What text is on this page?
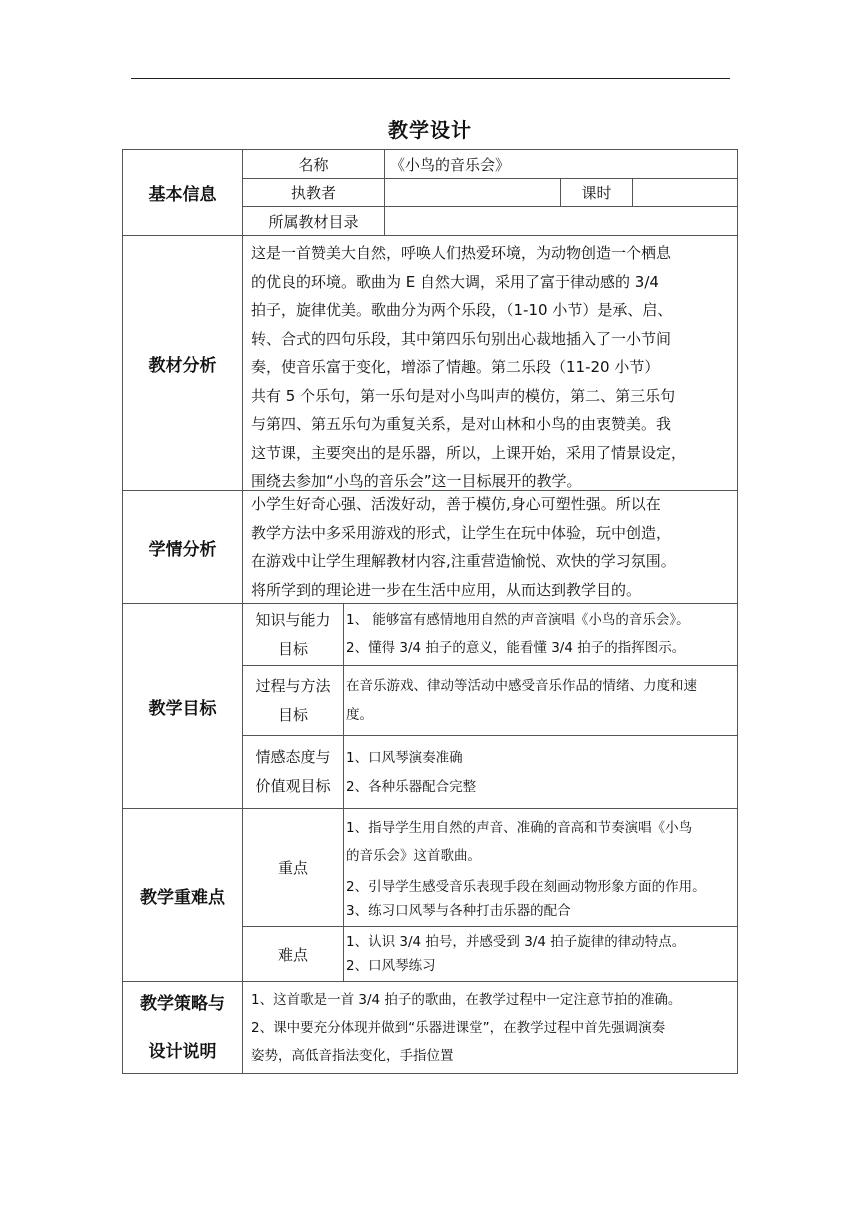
教学设计
基本信息
名称	《小鸟的音乐会》
执教者	课时
所属教材目录
教材分析
这是一首赞美大自然，呼唤人们热爱环境，为动物创造一个栖息
的优良的环境。歌曲为 E 自然大调，采用了富于律动感的 3/4
拍子，旋律优美。歌曲分为两个乐段，（1-10 小节）是承、启、
转、合式的四句乐段，其中第四乐句别出心裁地插入了一小节间
奏，使音乐富于变化，增添了情趣。第二乐段（11-20 小节）
共有 5 个乐句，第一乐句是对小鸟叫声的模仿，第二、第三乐句
与第四、第五乐句为重复关系，是对山林和小鸟的由衷赞美。我
这节课，主要突出的是乐器，所以，上课开始，采用了情景设定，
围绕去参加“小鸟的音乐会”这一目标展开的教学。
学情分析
小学生好奇心强、活泼好动，善于模仿,身心可塑性强。所以在
教学方法中多采用游戏的形式，让学生在玩中体验，玩中创造，
在游戏中让学生理解教材内容,注重营造愉悦、欢快的学习氛围。
将所学到的理论进一步在生活中应用，从而达到教学目的。
教学目标
知识与能力
目标
1、 能够富有感情地用自然的声音演唱《小鸟的音乐会》。
2、懂得 3/4 拍子的意义，能看懂 3/4 拍子的指挥图示。
过程与方法
目标
在音乐游戏、律动等活动中感受音乐作品的情绪、力度和速
度。
情感态度与
价值观目标
1、口风琴演奏准确
2、各种乐器配合完整
教学重难点
重点
1、指导学生用自然的声音、准确的音高和节奏演唱《小鸟
的音乐会》这首歌曲。
2、引导学生感受音乐表现手段在刻画动物形象方面的作用。
3、练习口风琴与各种打击乐器的配合
难点
1、认识 3/4 拍号，并感受到 3/4 拍子旋律的律动特点。
2、口风琴练习
教学策略与
设计说明
1、这首歌是一首 3/4 拍子的歌曲，在教学过程中一定注意节拍的准确。
2、课中要充分体现并做到“乐器进课堂”，在教学过程中首先强调演奏
姿势，高低音指法变化，手指位置
